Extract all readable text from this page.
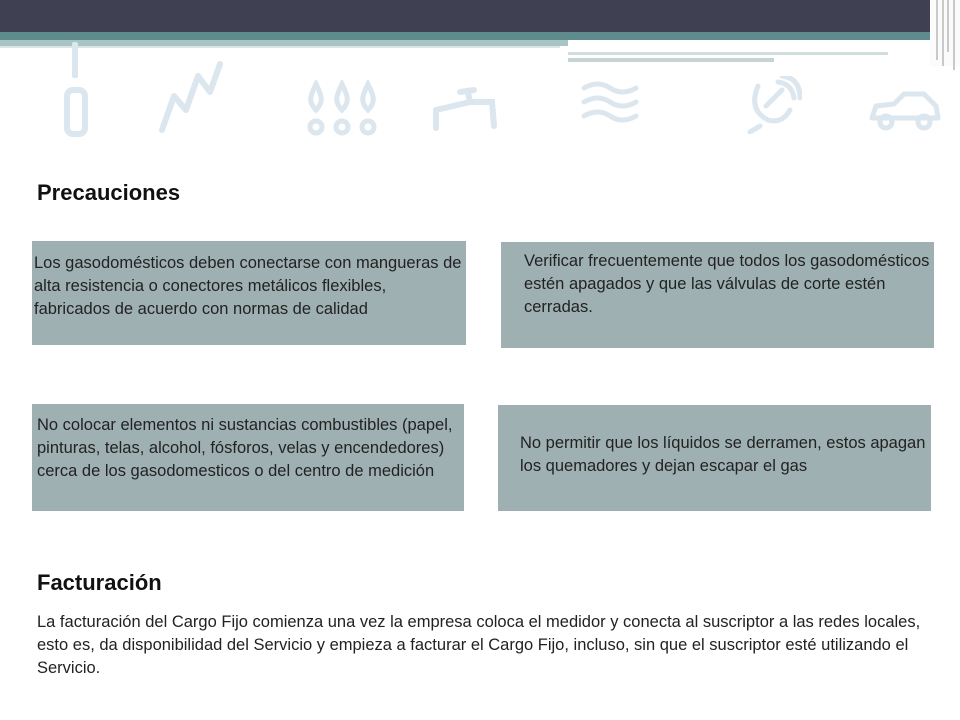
Precauciones

Los gasodomésticos deben conectarse con mangueras de alta resistencia o conectores metálicos flexibles, fabricados de acuerdo con normas de calidad

Verificar frecuentemente que todos los gasodomésticos estén apagados y que las válvulas de corte estén cerradas.

No colocar elementos ni sustancias combustibles (papel, pinturas, telas, alcohol, fósforos, velas y encendedores) cerca de los gasodomesticos o del centro de medición

No permitir que los líquidos se derramen, estos apagan los quemadores y dejan escapar el gas

Facturación
La facturación del Cargo Fijo comienza una vez la empresa coloca el medidor y conecta al suscriptor a las redes locales, esto es, da disponibilidad del Servicio y empieza a facturar el Cargo Fijo, incluso, sin que el suscriptor esté utilizando el Servicio.
